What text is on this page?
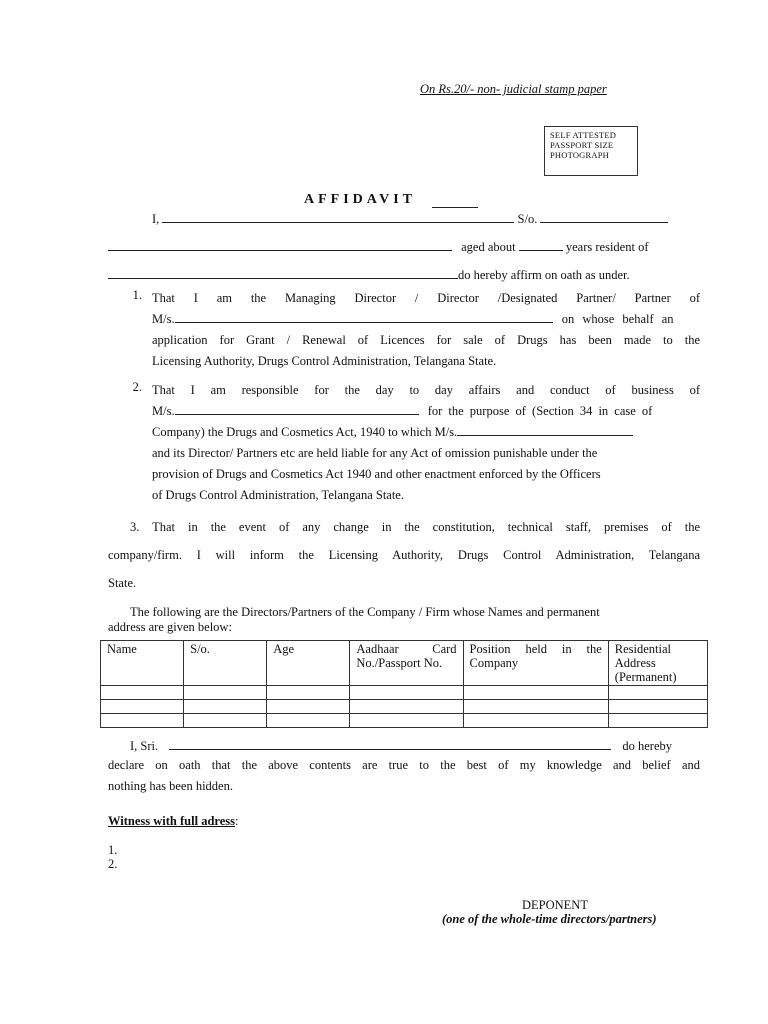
On Rs.20/- non- judicial stamp paper
SELF ATTESTED
PASSPORT SIZE
PHOTOGRAPH
AFFIDAVIT
I,	S/o.
aged about	years resident of
do hereby affirm on oath as under.
1. That I am the Managing Director / Director /Designated Partner/ Partner of
M/s.	on whose behalf an
application for Grant / Renewal of Licences for sale of Drugs has been made to the
Licensing Authority, Drugs Control Administration, Telangana State.
2. That I am responsible for the day to day affairs and conduct of business of
M/s.	for the purpose of (Section 34 in case of
Company) the Drugs and Cosmetics Act, 1940 to which M/s.
and its Director/ Partners etc are held liable for any Act of omission punishable under the
provision of Drugs and Cosmetics Act 1940 and other enactment enforced by the Officers
of Drugs Control Administration, Telangana State.
3. That in the event of any change in the constitution, technical staff, premises of the
company/firm. I will inform the Licensing Authority, Drugs Control Administration, Telangana
State.
The following are the Directors/Partners of the Company / Firm whose Names and permanent
address are given below:
Name	S/o.	Age	Aadhaar Card No./Passport No.	Position held in the Company	Residential Address (Permanent)

I, Sri.	do hereby
declare on oath that the above contents are true to the best of my knowledge and belief and
nothing has been hidden.
Witness with full adress:
1.
2.
DEPONENT
(one of the whole-time directors/partners)
